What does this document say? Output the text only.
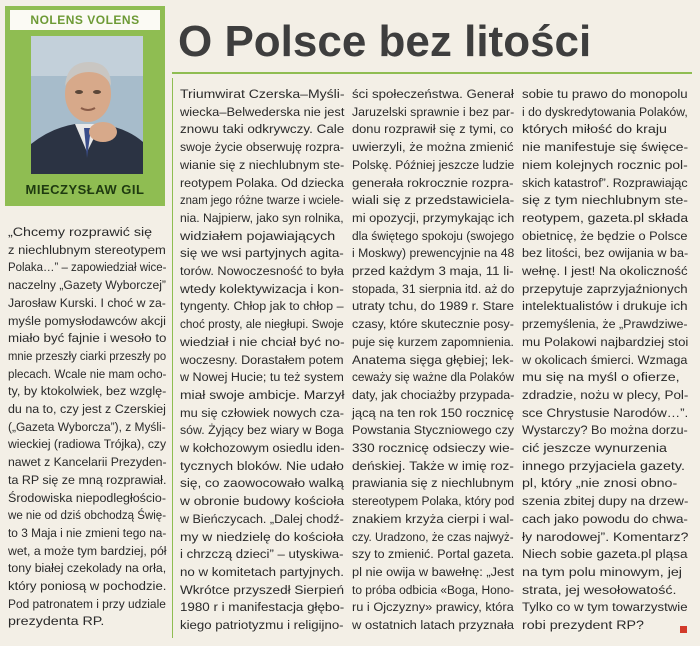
NOLENS VOLENS
MIECZYSŁAW GIL
O Polsce bez litości

„Chcemy rozprawić się

z niechlubnym stereotypem

Polaka…” – zapowiedział wice-

naczelny „Gazety Wyborczej”

Jarosław Kurski. I choć w za-

myśle pomysłodawców akcji

miało być fajnie i wesoło to

mnie przeszły ciarki przeszły po

plecach. Wcale nie mam ocho-

ty, by ktokolwiek, bez wzglę-

du na to, czy jest z Czerskiej

(„Gazeta Wyborcza”), z Myśli-

wieckiej (radiowa Trójka), czy

nawet z Kancelarii Prezyden-

ta RP się ze mną rozprawiał.

Środowiska niepodległościo-

we nie od dziś obchodzą Świę-

to 3 Maja i nie zmieni tego na-

wet, a może tym bardziej, pół

tony białej czekolady na orła,

który poniosą w pochodzie.

Pod patronatem i przy udziale

prezydenta RP.

Triumwirat Czerska–Myśli-

wiecka–Belwederska nie jest

znowu taki odkrywczy. Cale

swoje życie obserwuję rozpra-

wianie się z niechlubnym ste-

reotypem Polaka. Od dziecka

znam jego różne twarze i wciele-

nia. Najpierw, jako syn rolnika,

widziałem pojawiających

się we wsi partyjnych agita-

torów. Nowoczesność to była

wtedy kolektywizacja i kon-

tyngenty. Chłop jak to chłop –

choć prosty, ale niegłupi. Swoje

wiedział i nie chciał być no-

woczesny. Dorastałem potem

w Nowej Hucie; tu też system

miał swoje ambicje. Marzył

mu się człowiek nowych cza-

sów. Żyjący bez wiary w Boga

w kołchozowym osiedlu iden-

tycznych bloków. Nie udało

się, co zaowocowało walką

w obronie budowy kościoła

w Bieńczycach. „Dalej chodź-

my w niedzielę do kościoła

i chrzczą dzieci” – utyskiwa-

no w komitetach partyjnych.

Wkrótce przyszedł Sierpień

1980 r i manifestacja głębo-

kiego patriotyzmu i religijno-

ści społeczeństwa. Generał

Jaruzelski sprawnie i bez par-

donu rozprawił się z tymi, co

uwierzyli, że można zmienić

Polskę. Później jeszcze ludzie

generała rokrocznie rozpra-

wiali się z przedstawiciela-

mi opozycji, przymykając ich

dla świętego spokoju (swojego

i Moskwy) prewencyjnie na 48

przed każdym 3 maja, 11 li-

stopada, 31 sierpnia itd. aż do

utraty tchu, do 1989 r. Stare

czasy, które skutecznie posy-

puje się kurzem zapomnienia.

Anatema sięga głębiej; lek-

ceważy się ważne dla Polaków

daty, jak chociażby przypada-

jącą na ten rok 150 rocznicę

Powstania Styczniowego czy

330 rocznicę odsieczy wie-

deńskiej. Także w imię roz-

prawiania się z niechlubnym

stereotypem Polaka, który pod

znakiem krzyża cierpi i wal-

czy. Uradzono, że czas najwyż-

szy to zmienić. Portal gazeta.

pl nie owija w bawełnę: „Jest

to próba odbicia «Boga, Hono-

ru i Ojczyzny» prawicy, która

w ostatnich latach przyznała

sobie tu prawo do monopolu

i do dyskredytowania Polaków,

których miłość do kraju

nie manifestuje się święce-

niem kolejnych rocznic pol-

skich katastrof”. Rozprawiając

się z tym niechlubnym ste-

reotypem, gazeta.pl składa

obietnicę, że będzie o Polsce

bez litości, bez owijania w ba-

wełnę. I jest! Na okoliczność

przepytuje zaprzyjaźnionych

intelektualistów i drukuje ich

przemyślenia, że „Prawdziwe-

mu Polakowi najbardziej stoi

w okolicach śmierci. Wzmaga

mu się na myśl o ofierze,

zdradzie, nożu w plecy, Pol-

sce Chrystusie Narodów…”.

Wystarczy? Bo można dorzu-

cić jeszcze wynurzenia

innego przyjaciela gazety.

pl, który „nie znosi obno-

szenia zbitej dupy na drzew-

cach jako powodu do chwa-

ły narodowej”. Komentarz?

Niech sobie gazeta.pl pląsa

na tym polu minowym, jej

strata, jej wesołowatość.

Tylko co w tym towarzystwie

robi prezydent RP?
